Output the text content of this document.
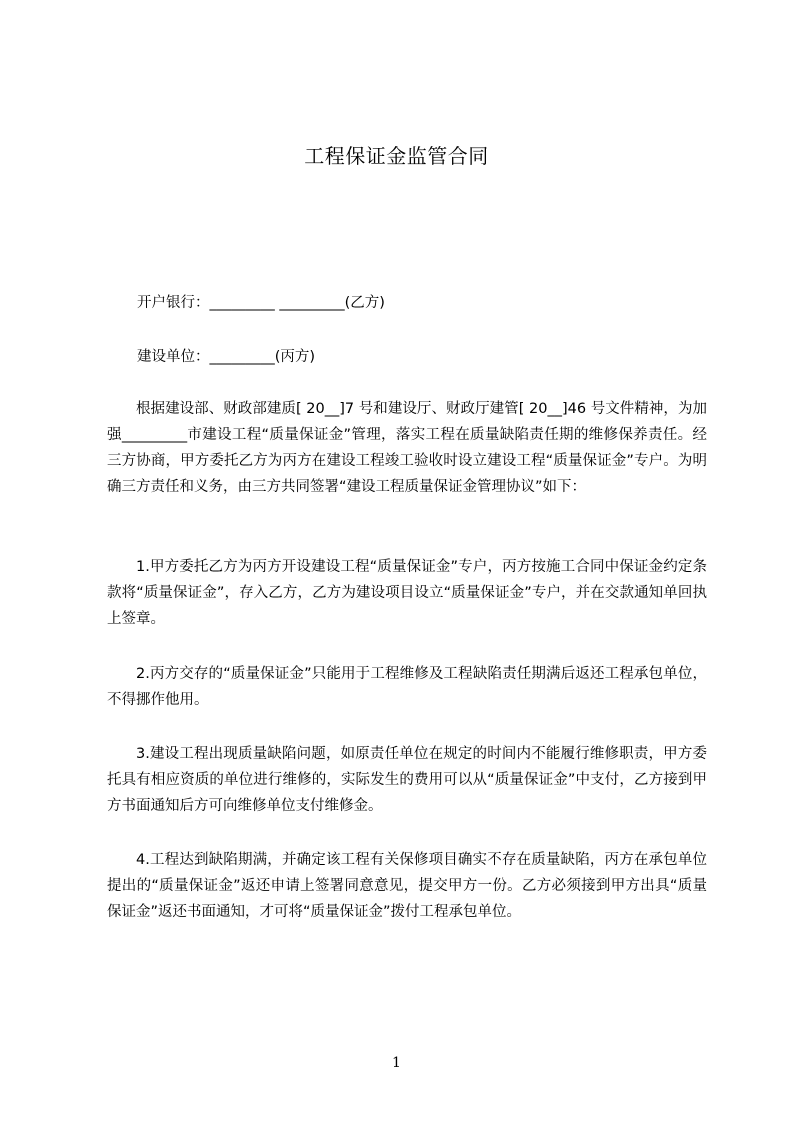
工程保证金监管合同
开户银行：_________ _________(乙方)
建设单位：_________(丙方)
根据建设部、财政部建质[ 20__]7 号和建设厅、财政厅建管[ 20__]46 号文件精神，为加强_________市建设工程“质量保证金”管理，落实工程在质量缺陷责任期的维修保养责任。经三方协商，甲方委托乙方为丙方在建设工程竣工验收时设立建设工程“质量保证金”专户。为明确三方责任和义务，由三方共同签署“建设工程质量保证金管理协议”如下：
1.甲方委托乙方为丙方开设建设工程“质量保证金”专户，丙方按施工合同中保证金约定条款将“质量保证金”，存入乙方，乙方为建设项目设立“质量保证金”专户，并在交款通知单回执上签章。
2.丙方交存的“质量保证金”只能用于工程维修及工程缺陷责任期满后返还工程承包单位，不得挪作他用。
3.建设工程出现质量缺陷问题，如原责任单位在规定的时间内不能履行维修职责，甲方委托具有相应资质的单位进行维修的，实际发生的费用可以从“质量保证金”中支付，乙方接到甲方书面通知后方可向维修单位支付维修金。
4.工程达到缺陷期满，并确定该工程有关保修项目确实不存在质量缺陷，丙方在承包单位提出的“质量保证金”返还申请上签署同意意见，提交甲方一份。乙方必须接到甲方出具“质量保证金”返还书面通知，才可将“质量保证金”拨付工程承包单位。
1
